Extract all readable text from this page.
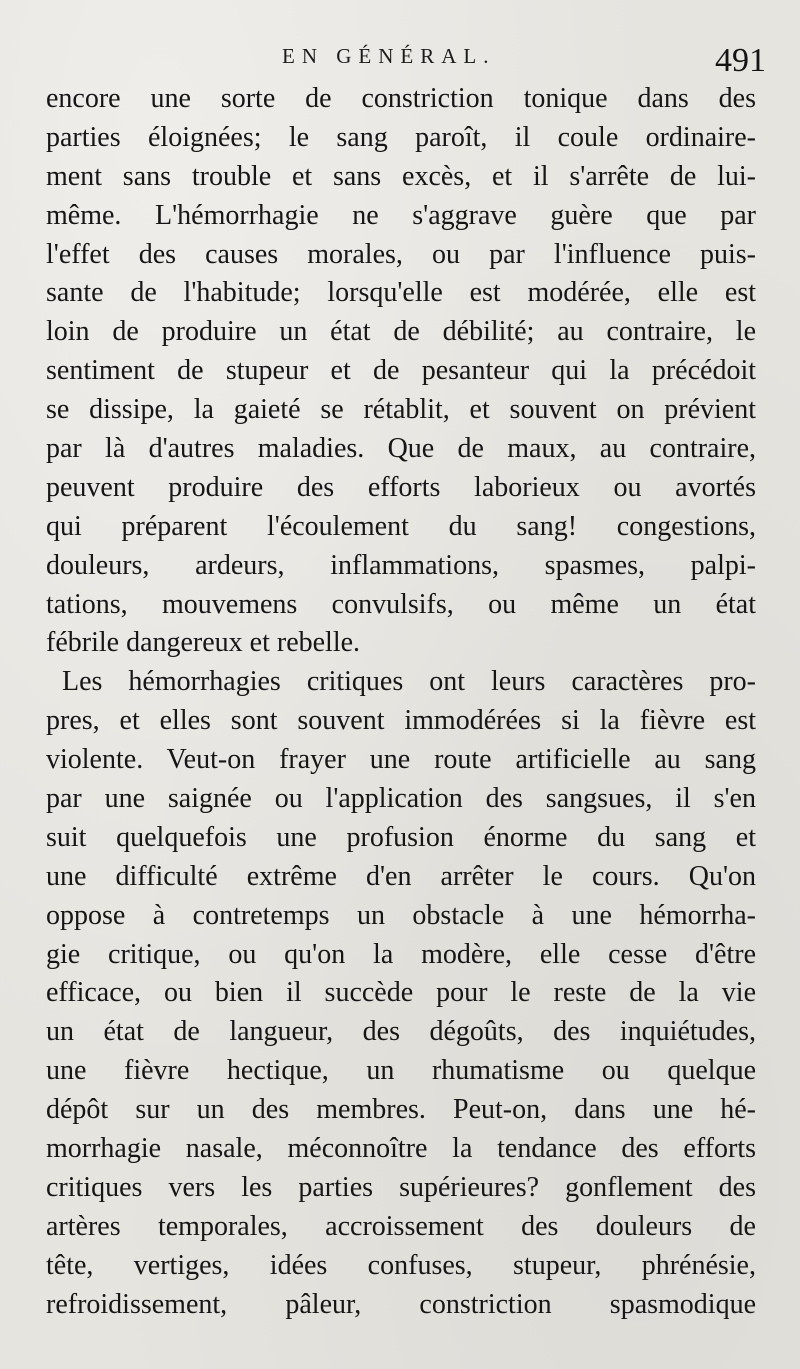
EN GÉNÉRAL.	491
encore une sorte de constriction tonique dans des
parties éloignées; le sang paroît, il coule ordinaire-
ment sans trouble et sans excès, et il s'arrête de lui-
même. L'hémorrhagie ne s'aggrave guère que par
l'effet des causes morales, ou par l'influence puis-
sante de l'habitude; lorsqu'elle est modérée, elle est
loin de produire un état de débilité; au contraire, le
sentiment de stupeur et de pesanteur qui la précédoit
se dissipe, la gaieté se rétablit, et souvent on prévient
par là d'autres maladies. Que de maux, au contraire,
peuvent produire des efforts laborieux ou avortés
qui préparent l'écoulement du sang! congestions,
douleurs, ardeurs, inflammations, spasmes, palpi-
tations, mouvemens convulsifs, ou même un état
fébrile dangereux et rebelle.
Les hémorrhagies critiques ont leurs caractères pro-
pres, et elles sont souvent immodérées si la fièvre est
violente. Veut-on frayer une route artificielle au sang
par une saignée ou l'application des sangsues, il s'en
suit quelquefois une profusion énorme du sang et
une difficulté extrême d'en arrêter le cours. Qu'on
oppose à contretemps un obstacle à une hémorrha-
gie critique, ou qu'on la modère, elle cesse d'être
efficace, ou bien il succède pour le reste de la vie
un état de langueur, des dégoûts, des inquiétudes,
une fièvre hectique, un rhumatisme ou quelque
dépôt sur un des membres. Peut-on, dans une hé-
morrhagie nasale, méconnoître la tendance des efforts
critiques vers les parties supérieures? gonflement des
artères temporales, accroissement des douleurs de
tête, vertiges, idées confuses, stupeur, phrénésie,
refroidissement, pâleur, constriction spasmodique
